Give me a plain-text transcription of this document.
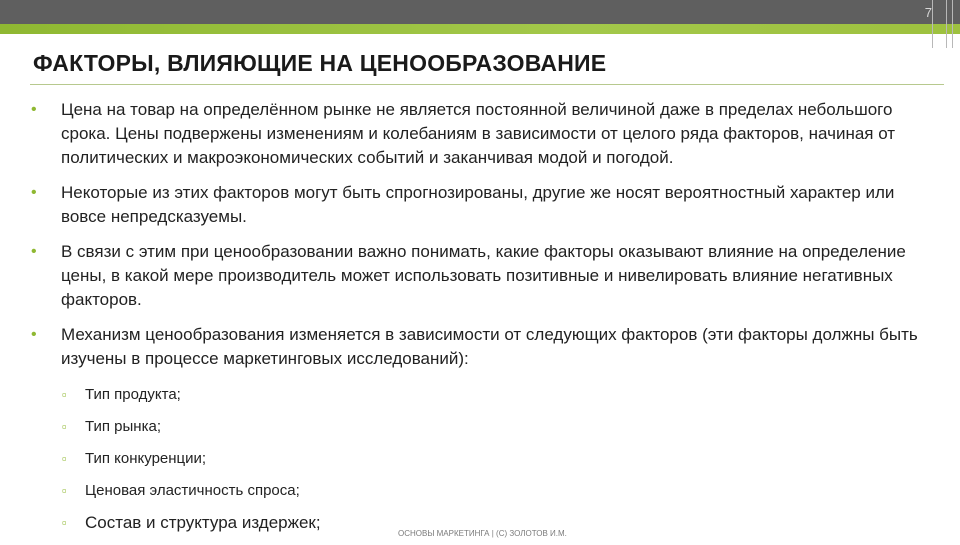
7
ФАКТОРЫ, ВЛИЯЮЩИЕ НА ЦЕНООБРАЗОВАНИЕ
• Цена на товар на определённом рынке не является постоянной величиной даже в пределах небольшого срока. Цены подвержены изменениям и колебаниям в зависимости от целого ряда факторов, начиная от политических и макроэкономических событий и заканчивая модой и погодой.
• Некоторые из этих факторов могут быть спрогнозированы, другие же носят вероятностный характер или вовсе непредсказуемы.
• В связи с этим при ценообразовании важно понимать, какие факторы оказывают влияние на определение цены, в какой мере производитель может использовать позитивные и нивелировать влияние негативных факторов.
• Механизм ценообразования изменяется в зависимости от следующих факторов (эти факторы должны быть изучены в процессе маркетинговых исследований):
▫ Тип продукта;
▫ Тип рынка;
▫ Тип конкуренции;
▫ Ценовая эластичность спроса;
▫ Состав и структура издержек;
ОСНОВЫ МАРКЕТИНГА | (С) ЗОЛОТОВ И.М.
